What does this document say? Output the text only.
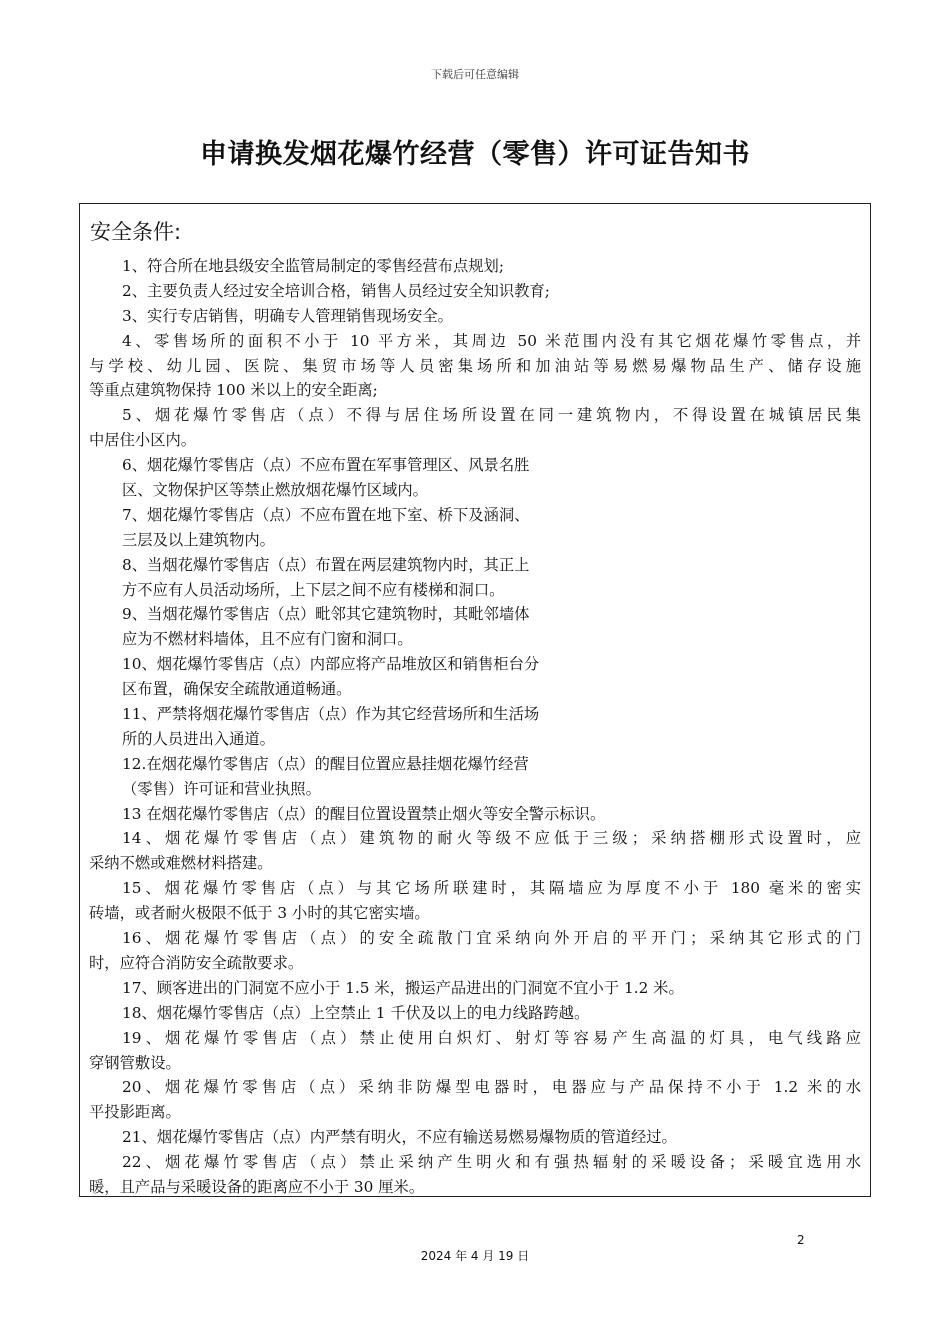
下载后可任意编辑
申请换发烟花爆竹经营（零售）许可证告知书
安全条件:
1、符合所在地县级安全监管局制定的零售经营布点规划;
2、主要负责人经过安全培训合格，销售人员经过安全知识教育;
3、实行专店销售，明确专人管理销售现场安全。
4、零售场所的面积不小于 10 平方米，其周边 50 米范围内没有其它烟花爆竹零售点，并
与学校、幼儿园、医院、集贸市场等人员密集场所和加油站等易燃易爆物品生产、储存设施
等重点建筑物保持 100 米以上的安全距离;
5、烟花爆竹零售店（点）不得与居住场所设置在同一建筑物内，不得设置在城镇居民集
中居住小区内。
6、烟花爆竹零售店（点）不应布置在军事管理区、风景名胜
区、文物保护区等禁止燃放烟花爆竹区域内。
7、烟花爆竹零售店（点）不应布置在地下室、桥下及涵洞、
三层及以上建筑物内。
8、当烟花爆竹零售店（点）布置在两层建筑物内时，其正上
方不应有人员活动场所，上下层之间不应有楼梯和洞口。
9、当烟花爆竹零售店（点）毗邻其它建筑物时，其毗邻墙体
应为不燃材料墙体，且不应有门窗和洞口。
10、烟花爆竹零售店（点）内部应将产品堆放区和销售柜台分
区布置，确保安全疏散通道畅通。
11、严禁将烟花爆竹零售店（点）作为其它经营场所和生活场
所的人员进出入通道。
12.在烟花爆竹零售店（点）的醒目位置应悬挂烟花爆竹经营
（零售）许可证和营业执照。
13 在烟花爆竹零售店（点）的醒目位置设置禁止烟火等安全警示标识。
14、烟花爆竹零售店（点）建筑物的耐火等级不应低于三级；采纳搭棚形式设置时，应
采纳不燃或难燃材料搭建。
15、烟花爆竹零售店（点）与其它场所联建时，其隔墙应为厚度不小于 180 毫米的密实
砖墙，或者耐火极限不低于 3 小时的其它密实墙。
16、烟花爆竹零售店（点）的安全疏散门宜采纳向外开启的平开门；采纳其它形式的门
时，应符合消防安全疏散要求。
17、顾客进出的门洞宽不应小于 1.5 米，搬运产品进出的门洞宽不宜小于 1.2 米。
18、烟花爆竹零售店（点）上空禁止 1 千伏及以上的电力线路跨越。
19、烟花爆竹零售店（点）禁止使用白炽灯、射灯等容易产生高温的灯具，电气线路应
穿钢管敷设。
20、烟花爆竹零售店（点）采纳非防爆型电器时，电器应与产品保持不小于 1.2 米的水
平投影距离。
21、烟花爆竹零售店（点）内严禁有明火，不应有输送易燃易爆物质的管道经过。
22、烟花爆竹零售店（点）禁止采纳产生明火和有强热辐射的采暖设备；采暖宜选用水
暖，且产品与采暖设备的距离应不小于 30 厘米。
2
2024 年 4 月 19 日
